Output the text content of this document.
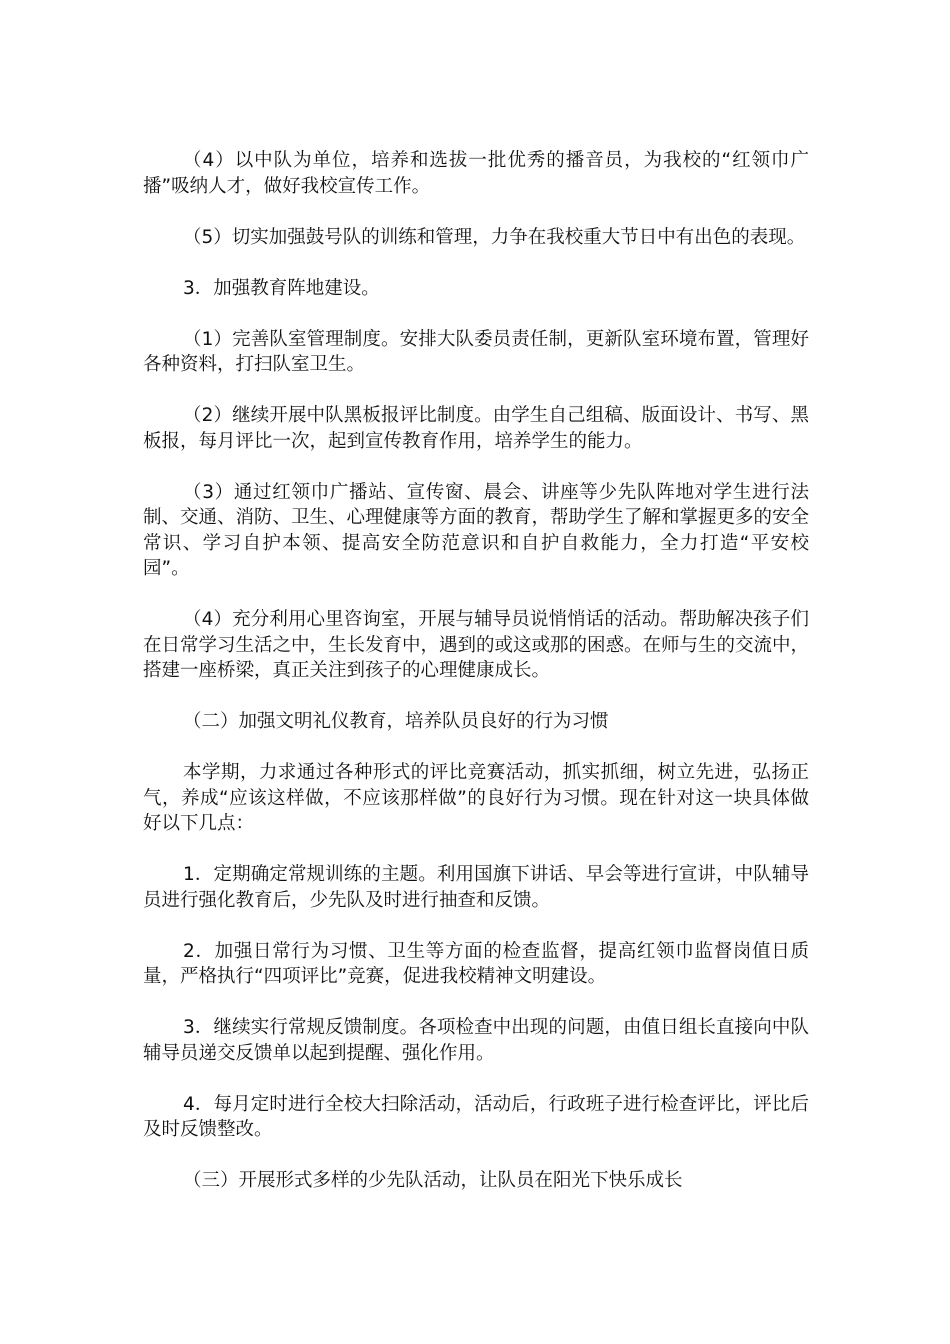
（4）以中队为单位，培养和选拔一批优秀的播音员，为我校的“红领巾广播”吸纳人才，做好我校宣传工作。

（5）切实加强鼓号队的训练和管理，力争在我校重大节日中有出色的表现。

3．加强教育阵地建设。

（1）完善队室管理制度。安排大队委员责任制，更新队室环境布置，管理好各种资料，打扫队室卫生。

（2）继续开展中队黑板报评比制度。由学生自己组稿、版面设计、书写、黑板报，每月评比一次，起到宣传教育作用，培养学生的能力。

（3）通过红领巾广播站、宣传窗、晨会、讲座等少先队阵地对学生进行法制、交通、消防、卫生、心理健康等方面的教育，帮助学生了解和掌握更多的安全常识、学习自护本领、提高安全防范意识和自护自救能力，全力打造“平安校园”。

（4）充分利用心里咨询室，开展与辅导员说悄悄话的活动。帮助解决孩子们在日常学习生活之中，生长发育中，遇到的或这或那的困惑。在师与生的交流中，搭建一座桥梁，真正关注到孩子的心理健康成长。

（二）加强文明礼仪教育，培养队员良好的行为习惯

本学期，力求通过各种形式的评比竞赛活动，抓实抓细，树立先进，弘扬正气，养成“应该这样做，不应该那样做”的良好行为习惯。现在针对这一块具体做好以下几点：

1．定期确定常规训练的主题。利用国旗下讲话、早会等进行宣讲，中队辅导员进行强化教育后，少先队及时进行抽查和反馈。

2．加强日常行为习惯、卫生等方面的检查监督，提高红领巾监督岗值日质量，严格执行“四项评比”竞赛，促进我校精神文明建设。

3．继续实行常规反馈制度。各项检查中出现的问题，由值日组长直接向中队辅导员递交反馈单以起到提醒、强化作用。

4．每月定时进行全校大扫除活动，活动后，行政班子进行检查评比，评比后及时反馈整改。

（三）开展形式多样的少先队活动，让队员在阳光下快乐成长
